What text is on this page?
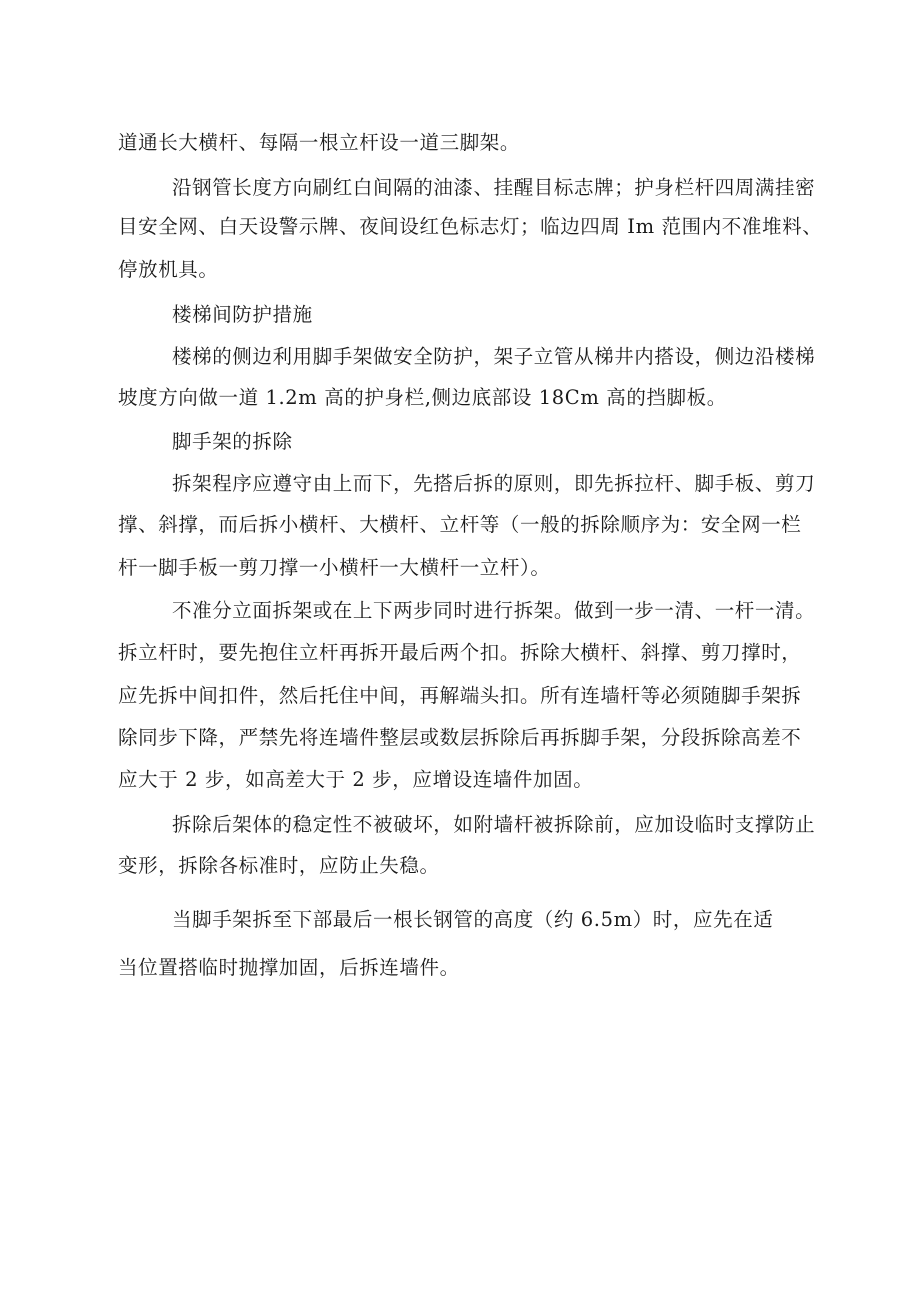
道通长大横杆、每隔一根立杆设一道三脚架。
沿钢管长度方向刷红白间隔的油漆、挂醒目标志牌；护身栏杆四周满挂密
目安全网、白天设警示牌、夜间设红色标志灯；临边四周 Im 范围内不准堆料、
停放机具。
楼梯间防护措施
楼梯的侧边利用脚手架做安全防护，架子立管从梯井内搭设，侧边沿楼梯
坡度方向做一道 1.2m 高的护身栏,侧边底部设 18Cm 高的挡脚板。
脚手架的拆除
拆架程序应遵守由上而下，先搭后拆的原则，即先拆拉杆、脚手板、剪刀
撑、斜撑，而后拆小横杆、大横杆、立杆等（一般的拆除顺序为：安全网一栏
杆一脚手板一剪刀撑一小横杆一大横杆一立杆）。
不准分立面拆架或在上下两步同时进行拆架。做到一步一清、一杆一清。
拆立杆时，要先抱住立杆再拆开最后两个扣。拆除大横杆、斜撑、剪刀撑时，
应先拆中间扣件，然后托住中间，再解端头扣。所有连墙杆等必须随脚手架拆
除同步下降，严禁先将连墙件整层或数层拆除后再拆脚手架，分段拆除高差不
应大于 2 步，如高差大于 2 步，应增设连墙件加固。
拆除后架体的稳定性不被破坏，如附墙杆被拆除前，应加设临时支撑防止
变形，拆除各标准时，应防止失稳。
当脚手架拆至下部最后一根长钢管的高度（约 6.5m）时，应先在适
当位置搭临时抛撑加固，后拆连墙件。
